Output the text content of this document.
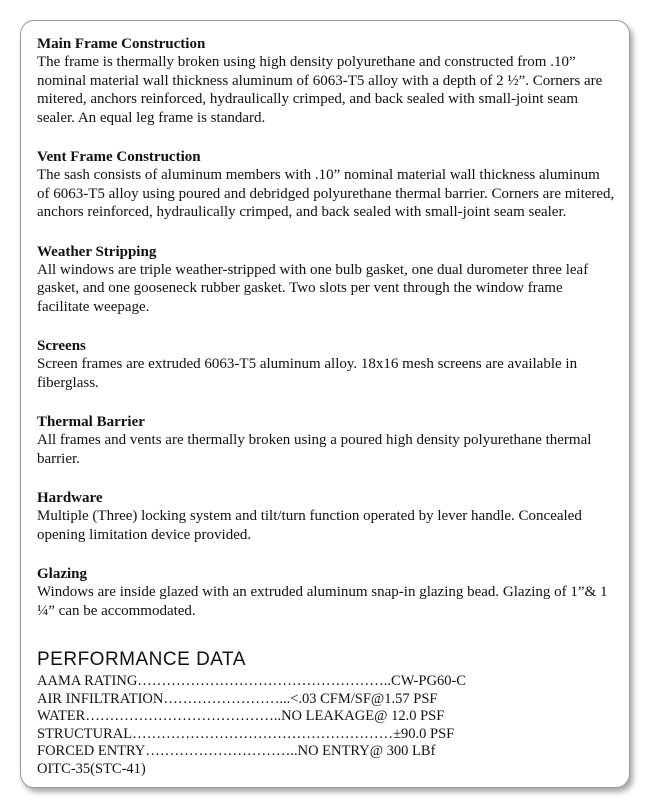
Main Frame Construction

The frame is thermally broken using high density polyurethane and constructed from .10” nominal material wall thickness aluminum of 6063-T5 alloy with a depth of 2 ½”. Corners are mitered, anchors reinforced, hydraulically crimped, and back sealed with small-joint seam sealer. An equal leg frame is standard.

Vent Frame Construction

The sash consists of aluminum members with .10” nominal material wall thickness aluminum of 6063-T5 alloy using poured and debridged polyurethane thermal barrier. Corners are mitered, anchors reinforced, hydraulically crimped, and back sealed with small-joint seam sealer.

Weather Stripping

All windows are triple weather-stripped with one bulb gasket, one dual durometer three leaf gasket, and one gooseneck rubber gasket. Two slots per vent through the window frame facilitate weepage.

Screens

Screen frames are extruded 6063-T5 aluminum alloy. 18x16 mesh screens are available in fiberglass.

Thermal Barrier

All frames and vents are thermally broken using a poured high density polyurethane thermal barrier.

Hardware

Multiple (Three) locking system and tilt/turn function operated by lever handle. Concealed opening limitation device provided.

Glazing

Windows are inside glazed with an extruded aluminum snap-in glazing bead. Glazing of 1”& 1 ¼” can be accommodated.

PERFORMANCE DATA
AAMA RATING……………………………………………..CW-PG60-C
AIR INFILTRATION……………………...<.03 CFM/SF@1.57 PSF
WATER…………………………………..NO LEAKAGE@ 12.0 PSF
STRUCTURAL………………………………………………±90.0 PSF
FORCED ENTRY…………………………..NO ENTRY@ 300 LBf
OITC-35(STC-41)
